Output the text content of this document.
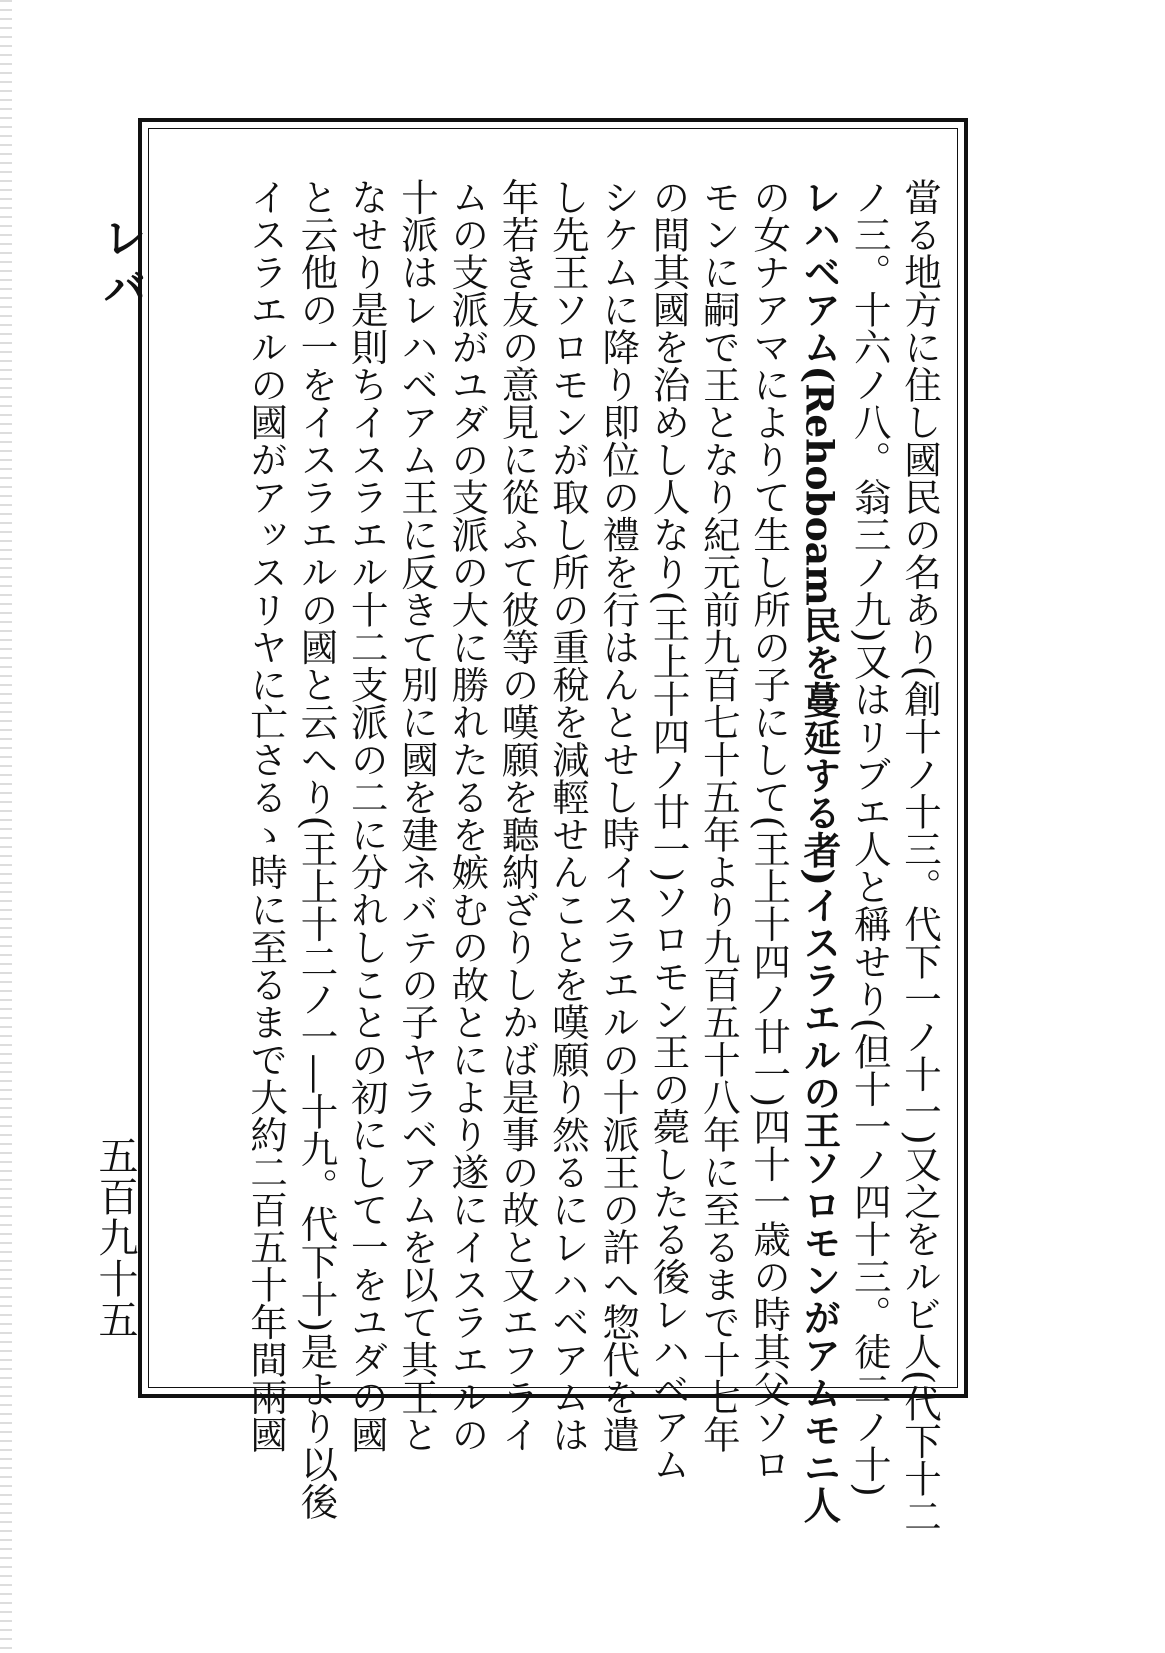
レバ	當る地方に住し國民の名あり(創十ノ十三。代下一ノ十一)又之をルビ人(代下十二
ノ三。十六ノ八。翁三ノ九)又はリブエ人と稱せり(但十一ノ四十三。徒二ノ十)
レハベアム(Rehoboam民を蔓延する者)イスラエルの王ソロモンがアムモニ人
の女ナアマによりて生し所の子にして(王上十四ノ廿一)四十一歳の時其父ソロ
モンに嗣で王となり紀元前九百七十五年より九百五十八年に至るまで十七年
の間其國を治めし人なり(王上十四ノ廿一)ソロモン王の薨したる後レハベアム
シケムに降り即位の禮を行はんとせし時イスラエルの十派王の許へ惣代を遣
し先王ソロモンが取し所の重稅を減輕せんことを嘆願り然るにレハベアムは
年若き友の意見に從ふて彼等の嘆願を聽納ざりしかば是事の故と又エフライ
ムの支派がユダの支派の大に勝れたるを嫉むの故とにより遂にイスラエルの
十派はレハベアム王に反きて別に國を建ネバテの子ヤラベアムを以て其王と
なせり是則ちイスラエル十二支派の二に分れしことの初にして一をユダの國
と云他の一をイスラエルの國と云へり(王上十二ノ一―十九。代下十)是より以後
イスラエルの國がアッスリヤに亡さるゝ時に至るまで大約二百五十年間兩國
五百九十五
